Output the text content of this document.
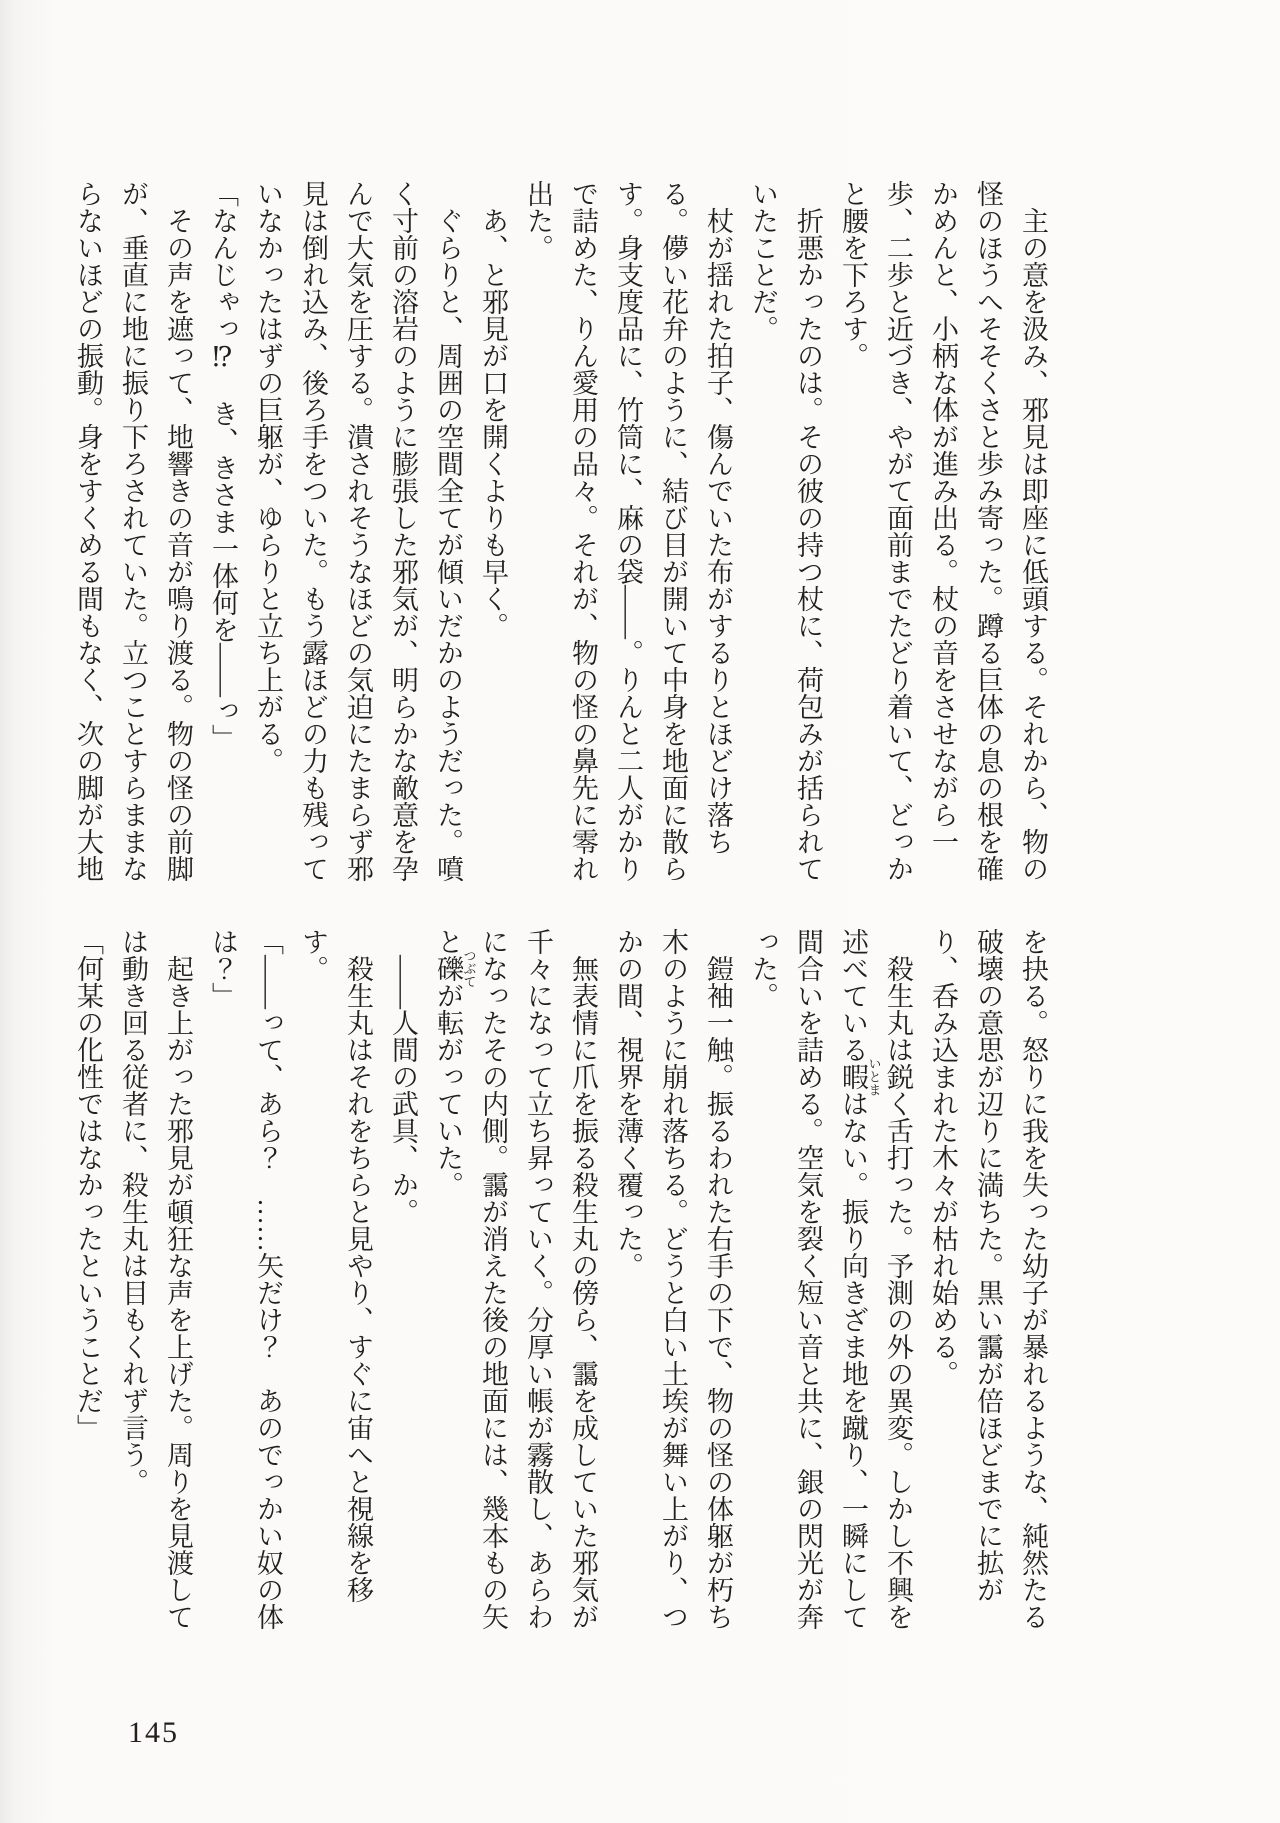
主の意を汲み、邪見は即座に低頭する。それから、物の怪のほうへそそくさと歩み寄った。蹲る巨体の息の根を確かめんと、小柄な体が進み出る。杖の音をさせながら一歩、二歩と近づき、やがて面前までたどり着いて、どっかと腰を下ろす。

折悪かったのは。その彼の持つ杖に、荷包みが括られていたことだ。

杖が揺れた拍子、傷んでいた布がするりとほどけ落ちる。儚い花弁のように、結び目が開いて中身を地面に散らす。身支度品に、竹筒に、麻の袋――。りんと二人がかりで詰めた、りん愛用の品々。それが、物の怪の鼻先に零れ出た。

あ、と邪見が口を開くよりも早く。

ぐらりと、周囲の空間全てが傾いだかのようだった。噴く寸前の溶岩のように膨張した邪気が、明らかな敵意を孕んで大気を圧する。潰されそうなほどの気迫にたまらず邪見は倒れ込み、後ろ手をついた。もう露ほどの力も残っていなかったはずの巨躯が、ゆらりと立ち上がる。

「なんじゃっ⁉　き、きさま一体何を――っ」

その声を遮って、地響きの音が鳴り渡る。物の怪の前脚が、垂直に地に振り下ろされていた。立つことすらままならないほどの振動。身をすくめる間もなく、次の脚が大地

を抉る。怒りに我を失った幼子が暴れるような、純然たる破壊の意思が辺りに満ちた。黒い靄が倍ほどまでに拡がり、呑み込まれた木々が枯れ始める。

殺生丸は鋭く舌打った。予測の外の異変。しかし不興を述べている暇いとまはない。振り向きざま地を蹴り、一瞬にして間合いを詰める。空気を裂く短い音と共に、銀の閃光が奔った。

鎧袖一触。振るわれた右手の下で、物の怪の体躯が朽ち木のように崩れ落ちる。どうと白い土埃が舞い上がり、つかの間、視界を薄く覆った。

無表情に爪を振る殺生丸の傍ら、靄を成していた邪気が千々になって立ち昇っていく。分厚い帳が霧散し、あらわになったその内側。靄が消えた後の地面には、幾本もの矢と礫つぶてが転がっていた。

――人間の武具、か。

殺生丸はそれをちらと見やり、すぐに宙へと視線を移す。

「――って、あら？　……矢だけ？　あのでっかい奴の体は？」

起き上がった邪見が頓狂な声を上げた。周りを見渡しては動き回る従者に、殺生丸は目もくれず言う。

「何某の化性ではなかったということだ」

145
